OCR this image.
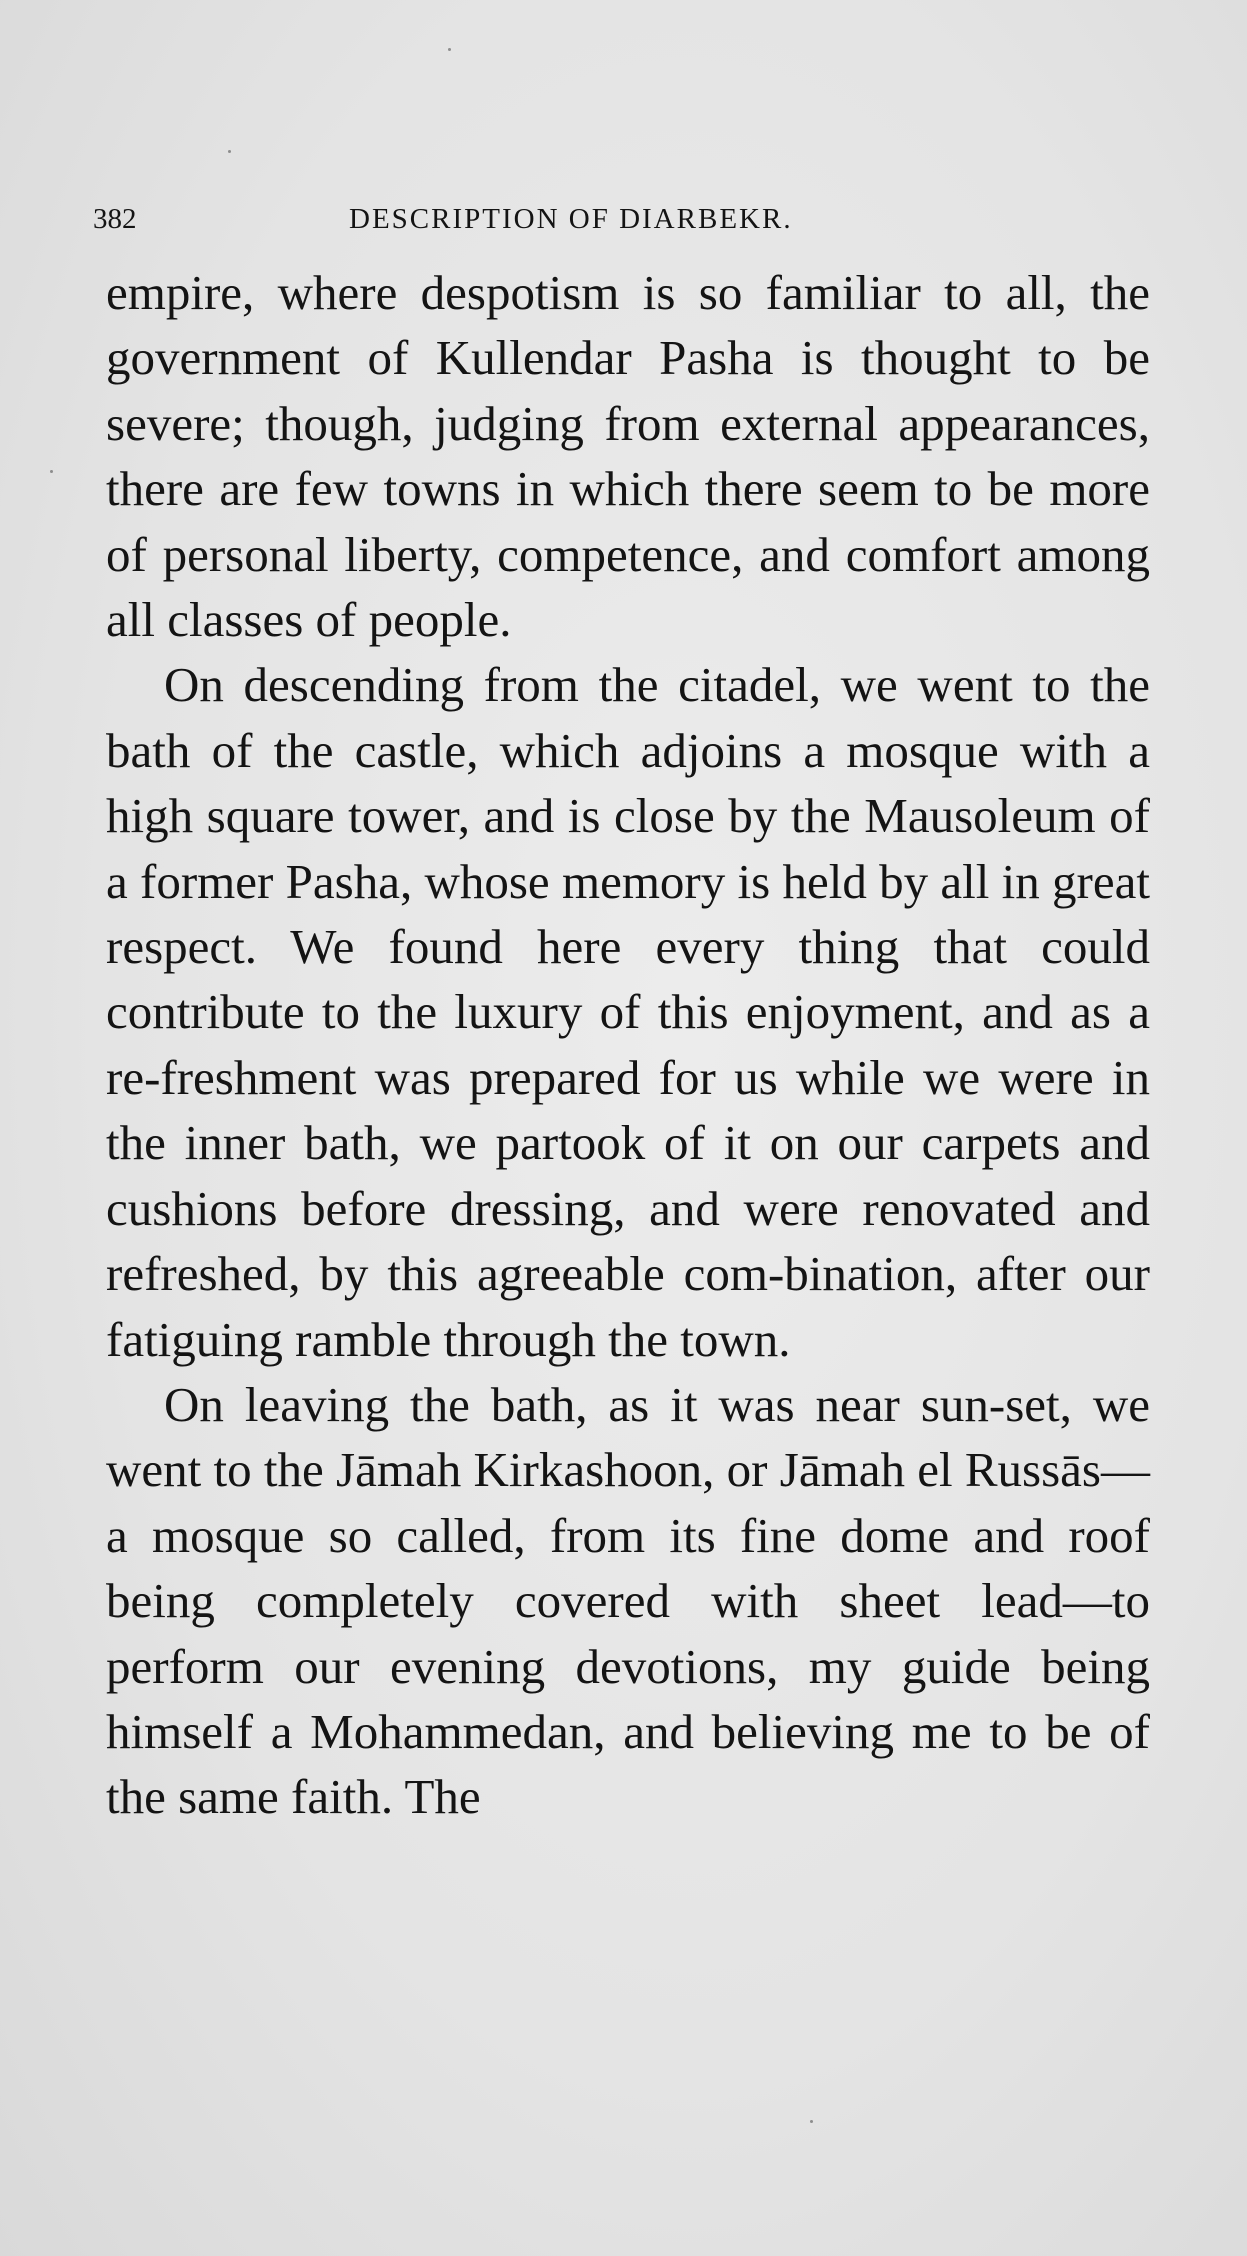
382	DESCRIPTION OF DIARBEKR.

empire, where despotism is so familiar to all, the government of Kullendar Pasha is thought to be severe; though, judging from external appearances, there are few towns in which there seem to be more of personal liberty, competence, and comfort among all classes of people.

On descending from the citadel, we went to the bath of the castle, which adjoins a mosque with a high square tower, and is close by the Mausoleum of a former Pasha, whose memory is held by all in great respect. We found here every thing that could contribute to the luxury of this enjoyment, and as a re-freshment was prepared for us while we were in the inner bath, we partook of it on our carpets and cushions before dressing, and were renovated and refreshed, by this agreeable com-bination, after our fatiguing ramble through the town.

On leaving the bath, as it was near sun-set, we went to the Jāmah Kirkashoon, or Jāmah el Russās—a mosque so called, from its fine dome and roof being completely covered with sheet lead—to perform our evening devotions, my guide being himself a Mohammedan, and believing me to be of the same faith. The
